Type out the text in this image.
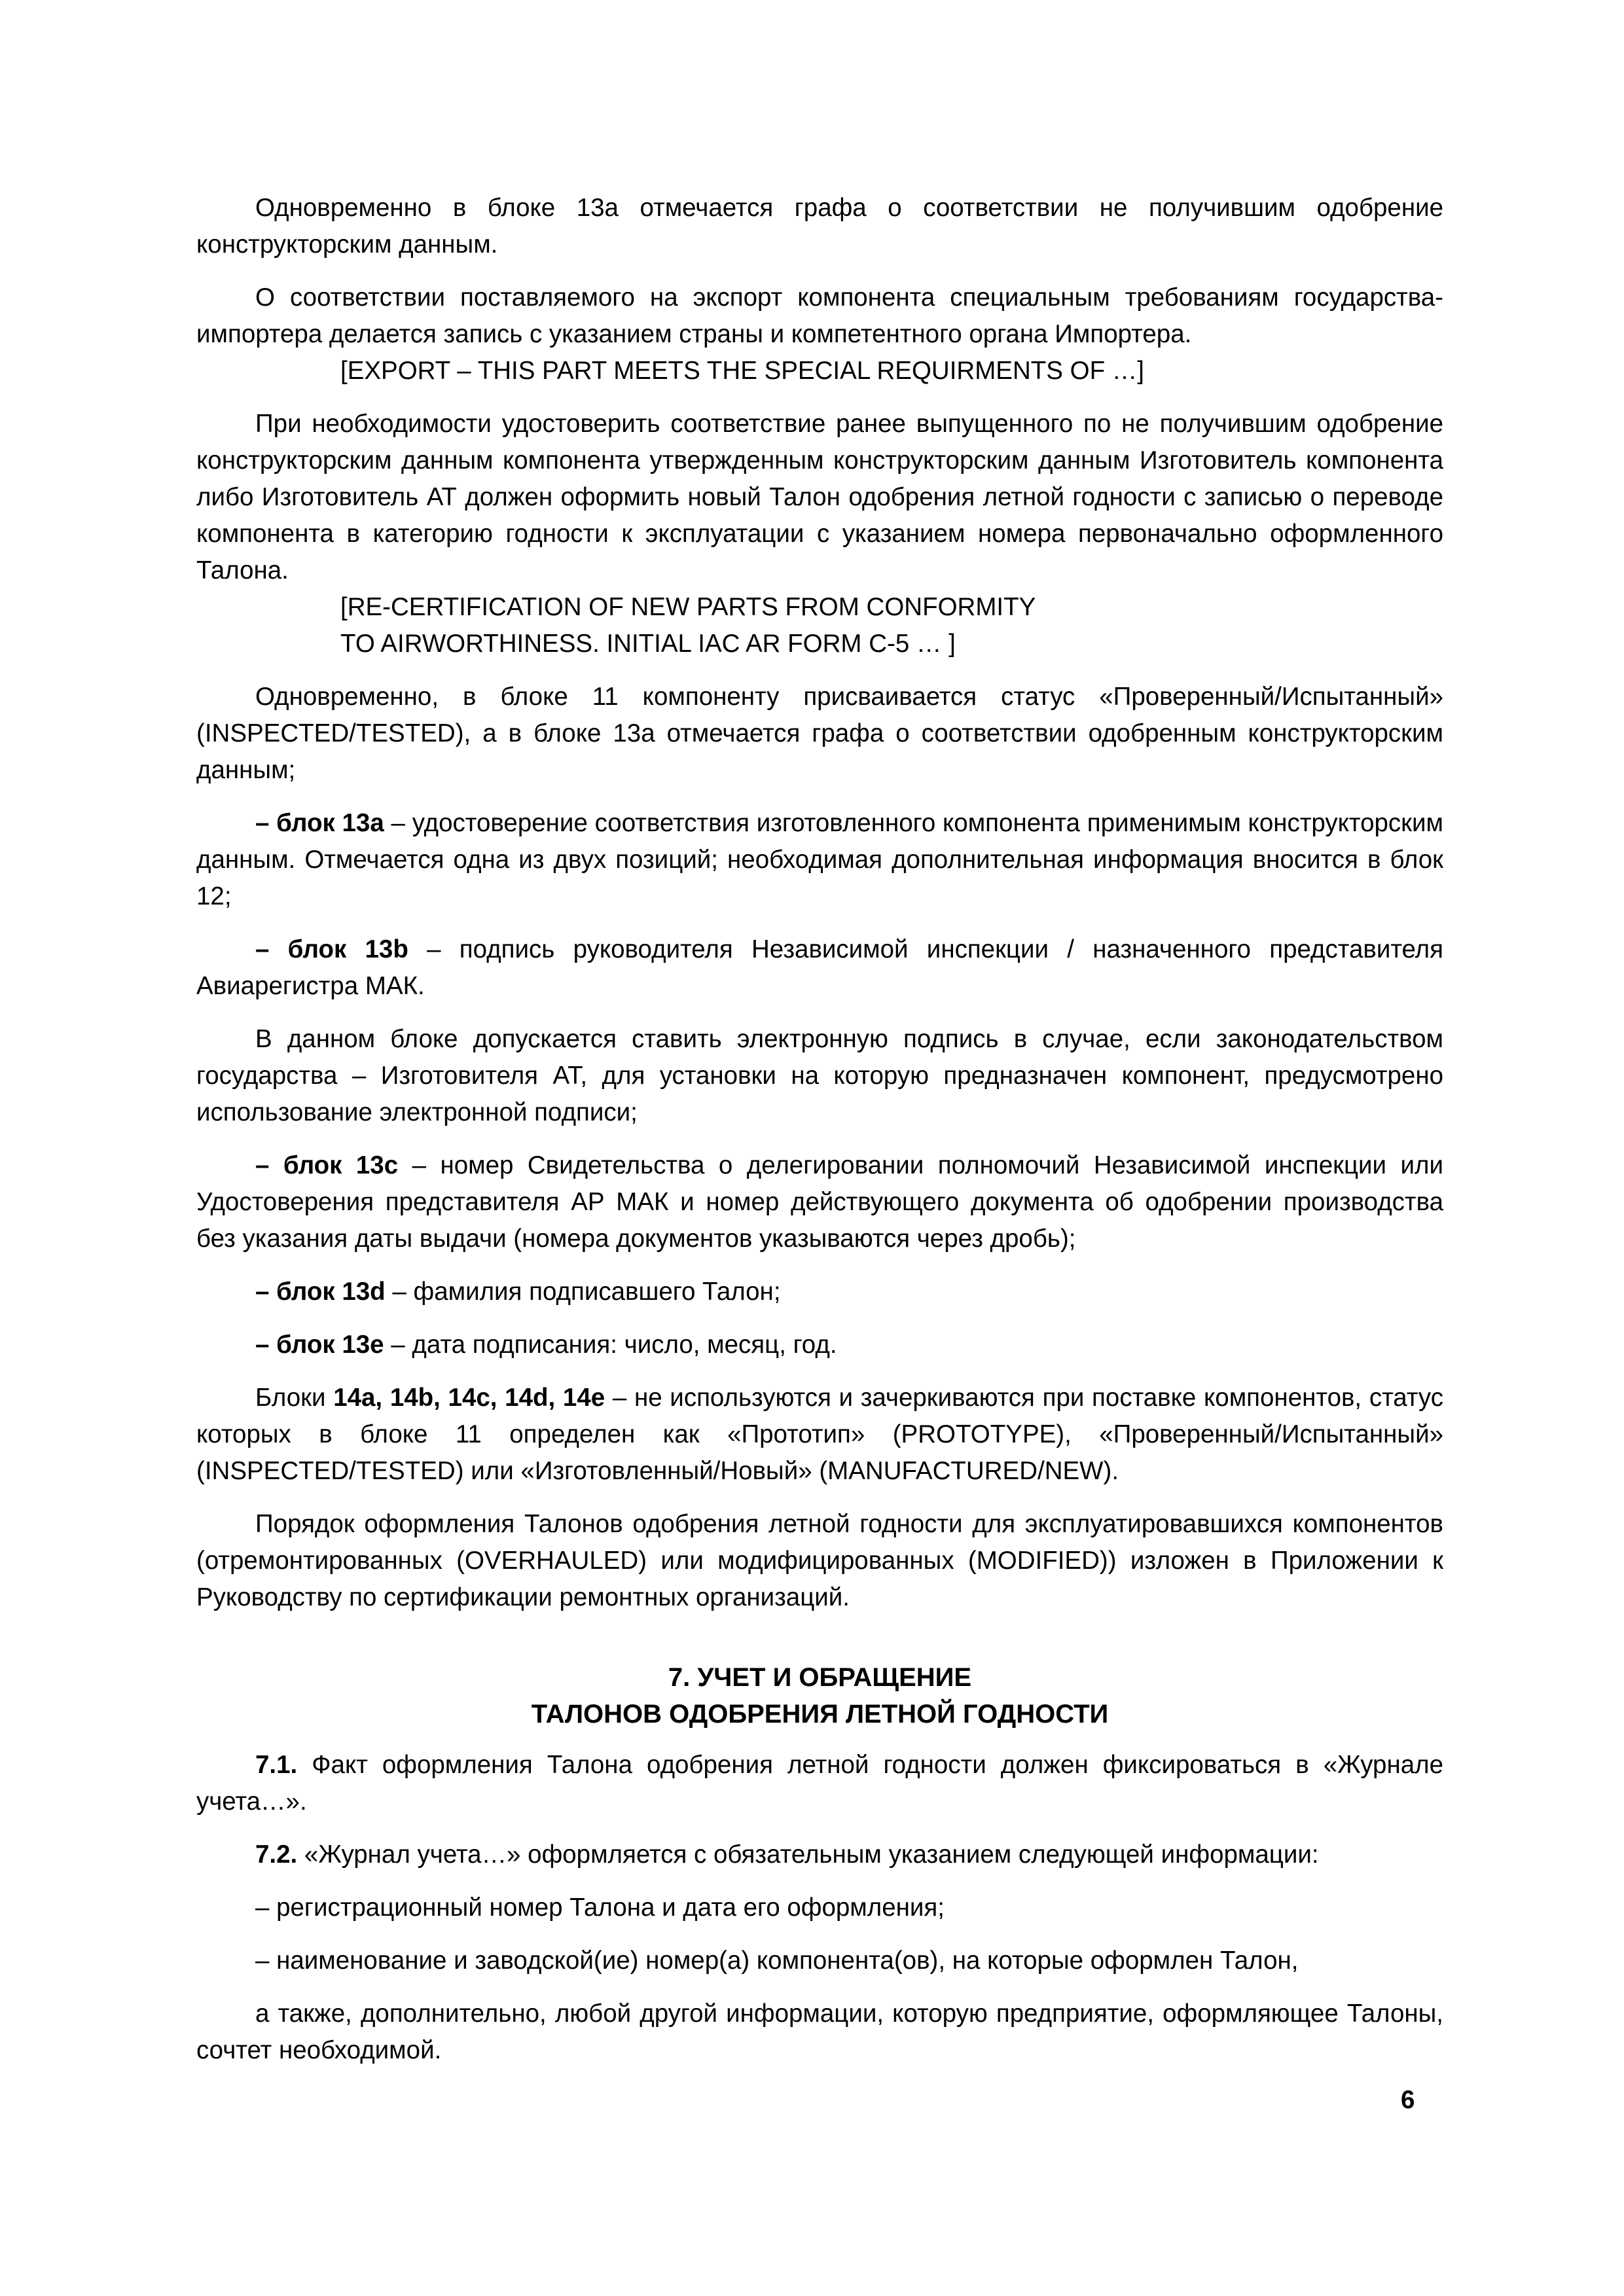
Одновременно в блоке 13а отмечается графа о соответствии не получившим одобрение конструкторским данным.

О соответствии поставляемого на экспорт компонента специальным требованиям государства-импортера делается запись с указанием страны и компетентного органа Импортера.

[EXPORT – THIS PART MEETS THE SPECIAL REQUIRMENTS OF …]

При необходимости удостоверить соответствие ранее выпущенного по не получившим одобрение конструкторским данным компонента утвержденным конструкторским данным Изготовитель компонента либо Изготовитель АТ должен оформить новый Талон одобрения летной годности с записью о переводе компонента в категорию годности к эксплуатации с указанием номера первоначально оформленного Талона.

[RE-CERTIFICATION OF NEW PARTS FROM CONFORMITY
TO AIRWORTHINESS. INITIAL IAC AR FORM C-5 … ]

Одновременно, в блоке 11 компоненту присваивается статус «Проверенный/Испытанный» (INSPECTED/TESTED), а в блоке 13а отмечается графа о соответствии одобренным конструкторским данным;

– блок 13a – удостоверение соответствия изготовленного компонента применимым конструкторским данным. Отмечается одна из двух позиций; необходимая дополнительная информация вносится в блок 12;

– блок 13b – подпись руководителя Независимой инспекции / назначенного представителя Авиарегистра МАК.

В данном блоке допускается ставить электронную подпись в случае, если законодательством государства – Изготовителя АТ, для установки на которую предназначен компонент, предусмотрено использование электронной подписи;

– блок 13с – номер Свидетельства о делегировании полномочий Независимой инспекции или Удостоверения представителя АР МАК и номер действующего документа об одобрении производства без указания даты выдачи (номера документов указываются через дробь);

– блок 13d – фамилия подписавшего Талон;

– блок 13e – дата подписания: число, месяц, год.

Блоки 14a, 14b, 14c, 14d, 14e – не используются и зачеркиваются при поставке компонентов, статус которых в блоке 11 определен как «Прототип» (PROTOTYPE), «Проверенный/Испытанный» (INSPECTED/TESTED) или «Изготовленный/Новый» (MANUFACTURED/NEW).

Порядок оформления Талонов одобрения летной годности для эксплуатировавшихся компонентов (отремонтированных (OVERHAULED) или модифицированных (MODIFIED)) изложен в Приложении к Руководству по сертификации ремонтных организаций.

7. УЧЕТ И ОБРАЩЕНИЕ
ТАЛОНОВ ОДОБРЕНИЯ ЛЕТНОЙ ГОДНОСТИ

7.1. Факт оформления Талона одобрения летной годности должен фиксироваться в «Журнале учета…».

7.2. «Журнал учета…» оформляется с обязательным указанием следующей информации:

– регистрационный номер Талона и дата его оформления;

– наименование и заводской(ие) номер(а) компонента(ов), на которые оформлен Талон,

а также, дополнительно, любой другой информации, которую предприятие, оформляющее Талоны, сочтет необходимой.

6
